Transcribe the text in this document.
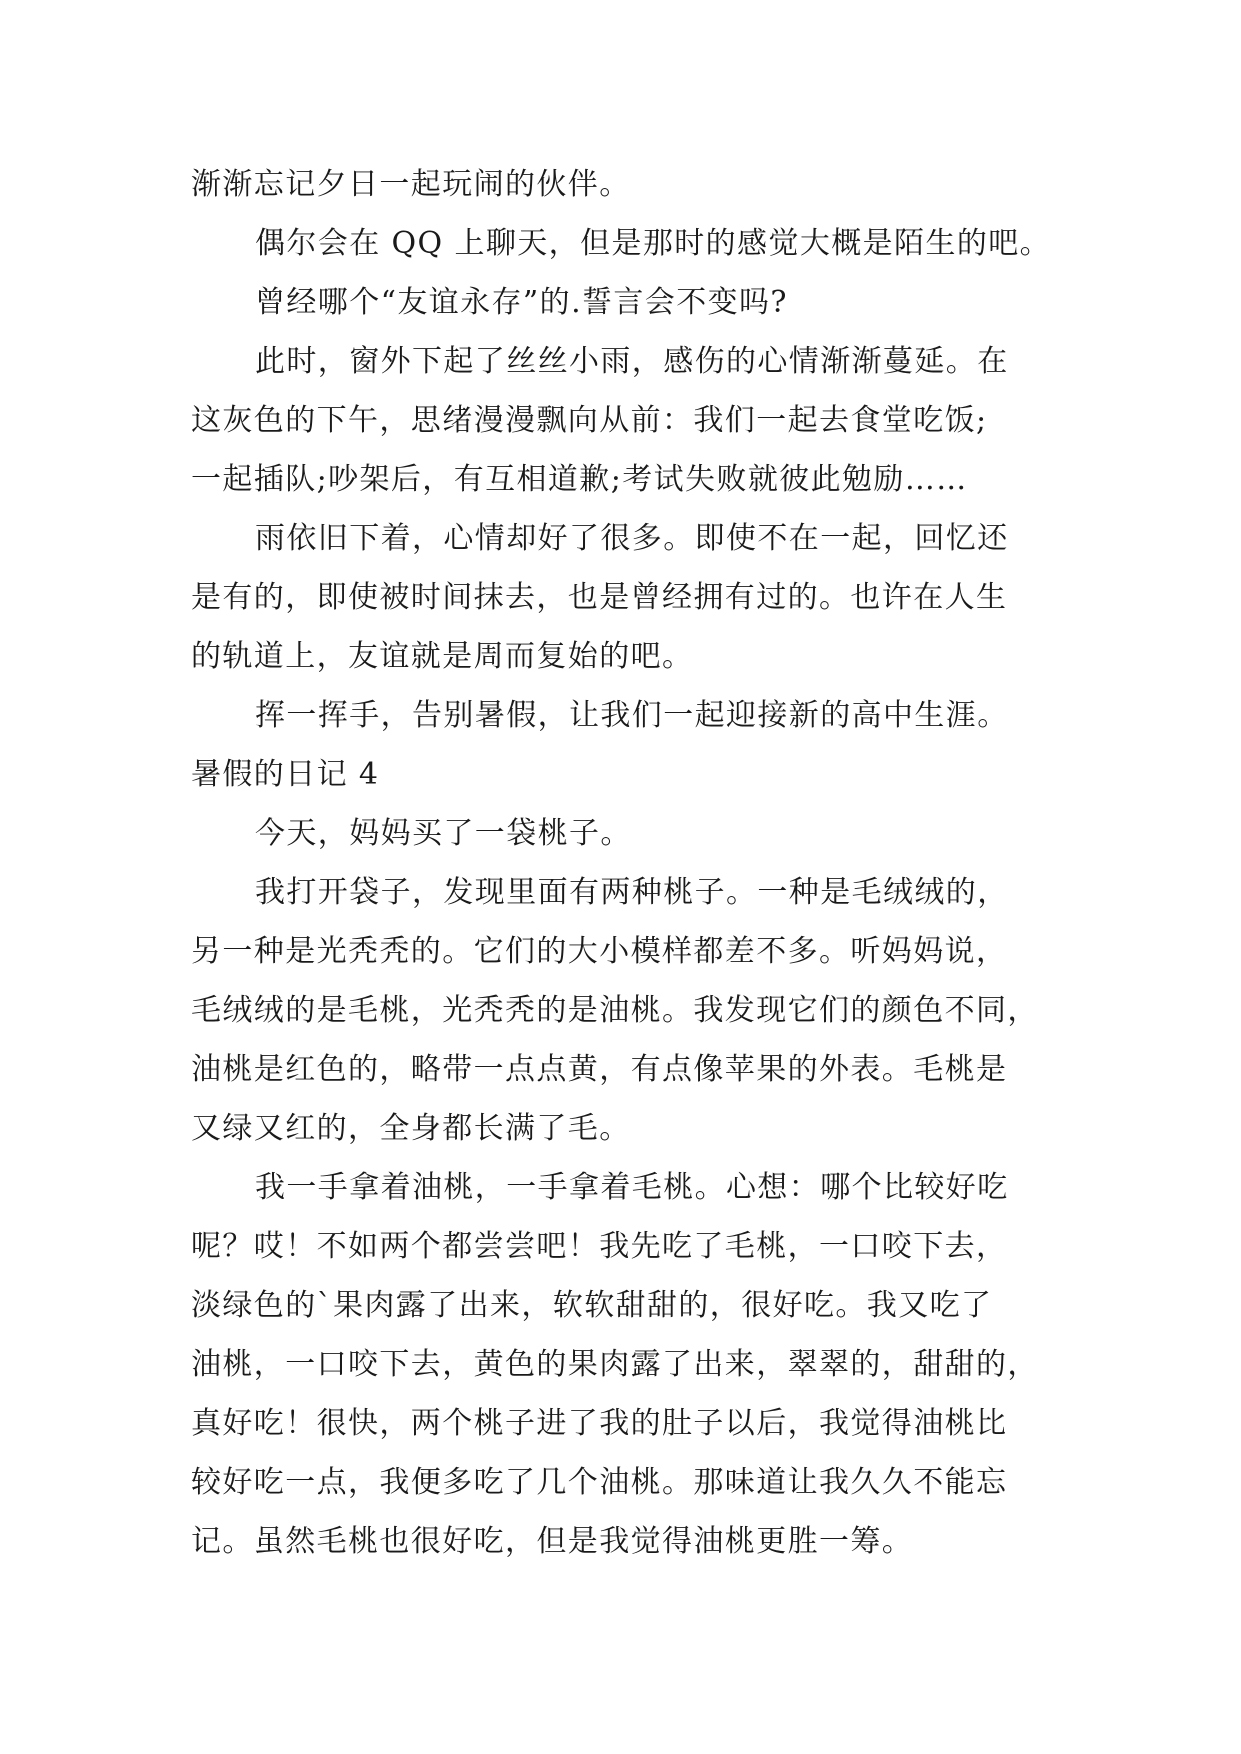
渐渐忘记夕日一起玩闹的伙伴。

偶尔会在 QQ 上聊天，但是那时的感觉大概是陌生的吧。

曾经哪个“友谊永存”的.誓言会不变吗?

此时，窗外下起了丝丝小雨，感伤的心情渐渐蔓延。在

这灰色的下午，思绪漫漫飘向从前：我们一起去食堂吃饭;

一起插队;吵架后，有互相道歉;考试失败就彼此勉励……

雨依旧下着，心情却好了很多。即使不在一起，回忆还

是有的，即使被时间抹去，也是曾经拥有过的。也许在人生

的轨道上，友谊就是周而复始的吧。

挥一挥手，告别暑假，让我们一起迎接新的高中生涯。

暑假的日记 4

今天，妈妈买了一袋桃子。

我打开袋子，发现里面有两种桃子。一种是毛绒绒的，

另一种是光秃秃的。它们的大小模样都差不多。听妈妈说，

毛绒绒的是毛桃，光秃秃的是油桃。我发现它们的颜色不同，

油桃是红色的，略带一点点黄，有点像苹果的外表。毛桃是

又绿又红的，全身都长满了毛。

我一手拿着油桃，一手拿着毛桃。心想：哪个比较好吃

呢？哎！不如两个都尝尝吧！我先吃了毛桃，一口咬下去，

淡绿色的`果肉露了出来，软软甜甜的，很好吃。我又吃了

油桃，一口咬下去，黄色的果肉露了出来，翠翠的，甜甜的，

真好吃！很快，两个桃子进了我的肚子以后，我觉得油桃比

较好吃一点，我便多吃了几个油桃。那味道让我久久不能忘

记。虽然毛桃也很好吃，但是我觉得油桃更胜一筹。
